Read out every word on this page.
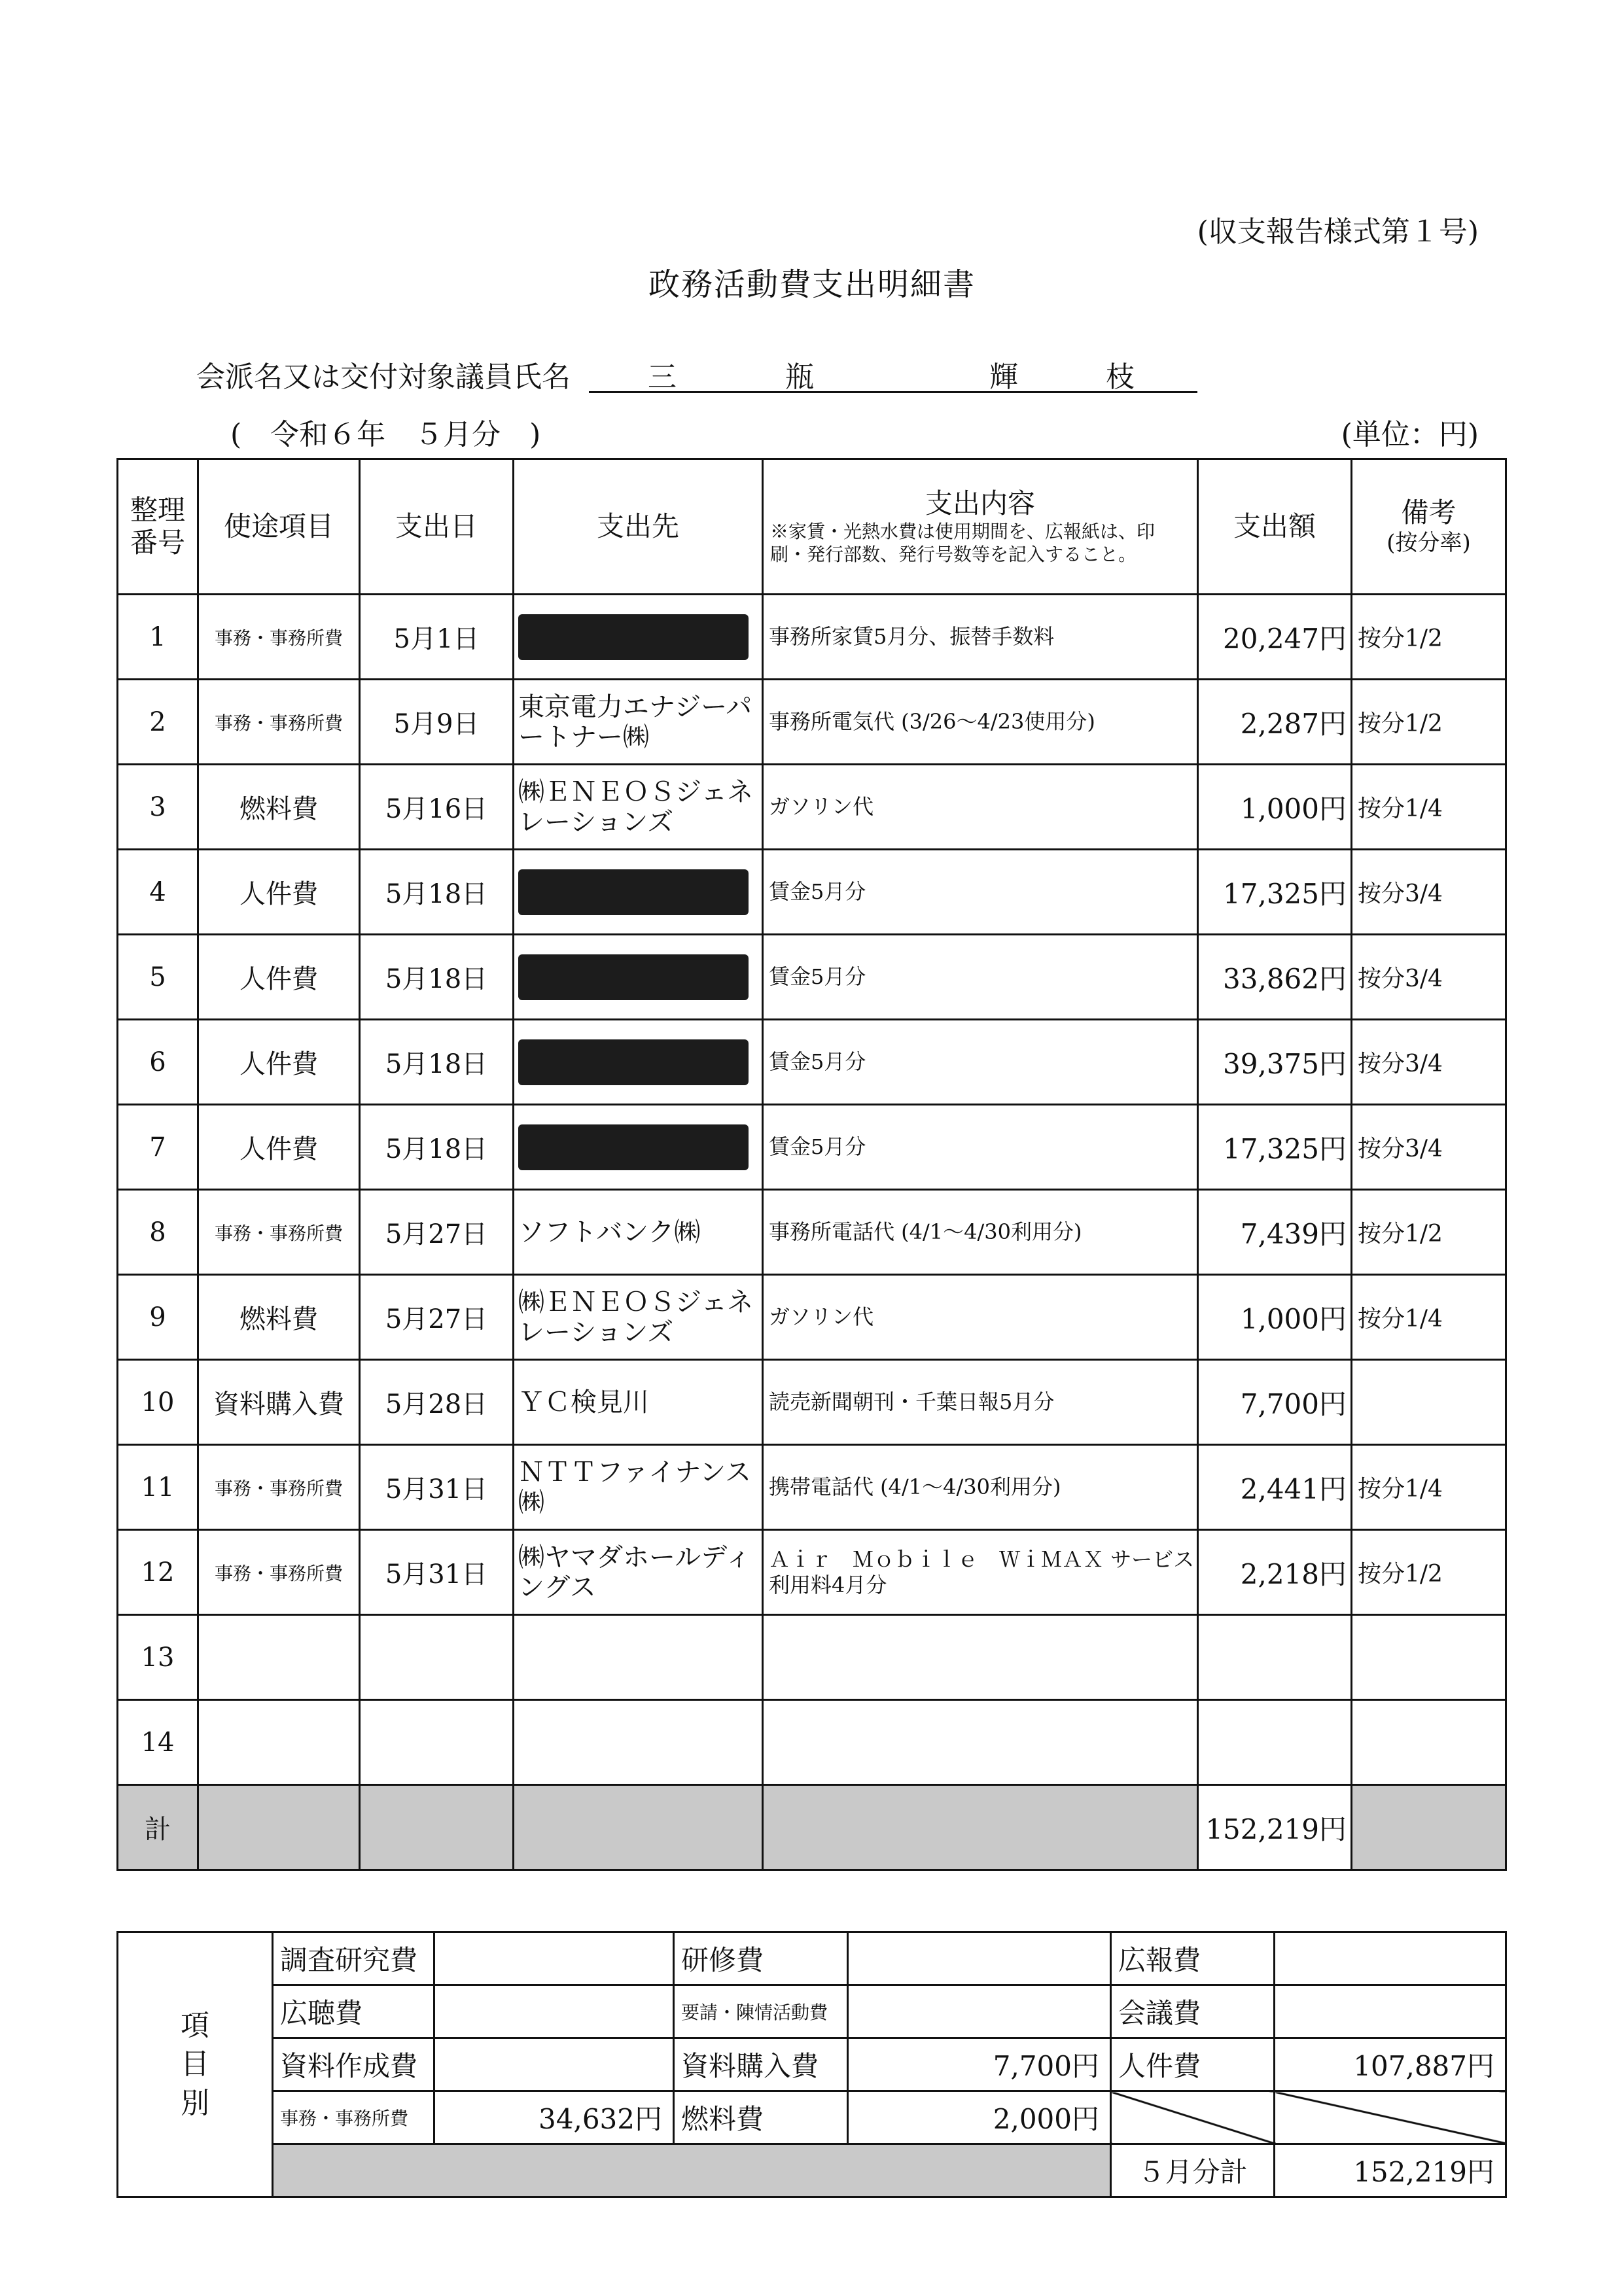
(収支報告様式第１号)
政務活動費支出明細書
会派名又は交付対象議員氏名	三	瓶	輝	枝
(　令和６年　５月分　)	(単位：円)
整理番号	使途項目	支出日	支出先	支出内容
※家賃・光熱水費は使用期間を、広報紙は、印刷・発行部数、発行号数等を記入すること。	支出額	備考
(按分率)

1	事務・事務所費	5月1日		事務所家賃5月分、振替手数料	20,247円	按分1/2
2	事務・事務所費	5月9日	東京電力エナジーパートナー㈱	事務所電気代 (3/26～4/23使用分)	2,287円	按分1/2
3	燃料費	5月16日	㈱ＥＮＥＯＳジェネレーションズ	ガソリン代	1,000円	按分1/4
4	人件費	5月18日		賃金5月分	17,325円	按分3/4
5	人件費	5月18日		賃金5月分	33,862円	按分3/4
6	人件費	5月18日		賃金5月分	39,375円	按分3/4
7	人件費	5月18日		賃金5月分	17,325円	按分3/4
8	事務・事務所費	5月27日	ソフトバンク㈱	事務所電話代 (4/1～4/30利用分)	7,439円	按分1/2
9	燃料費	5月27日	㈱ＥＮＥＯＳジェネレーションズ	ガソリン代	1,000円	按分1/4
10	資料購入費	5月28日	ＹＣ検見川	読売新聞朝刊・千葉日報5月分	7,700円	
11	事務・事務所費	5月31日	ＮＴＴファイナンス㈱	携帯電話代 (4/1～4/30利用分)	2,441円	按分1/4
12	事務・事務所費	5月31日	㈱ヤマダホールディングス	Ａｉｒ　Ｍｏｂｉｌｅ　ＷｉＭＡＸ サービス利用料4月分	2,218円	按分1/2
13						
14						
計					152,219円	
項
目
別	調査研究費		研修費		広報費	
	広聴費		要請・陳情活動費		会議費	
	資料作成費		資料購入費	7,700円	人件費	107,887円
	事務・事務所費	34,632円	燃料費	2,000円		
					５月分計	152,219円
